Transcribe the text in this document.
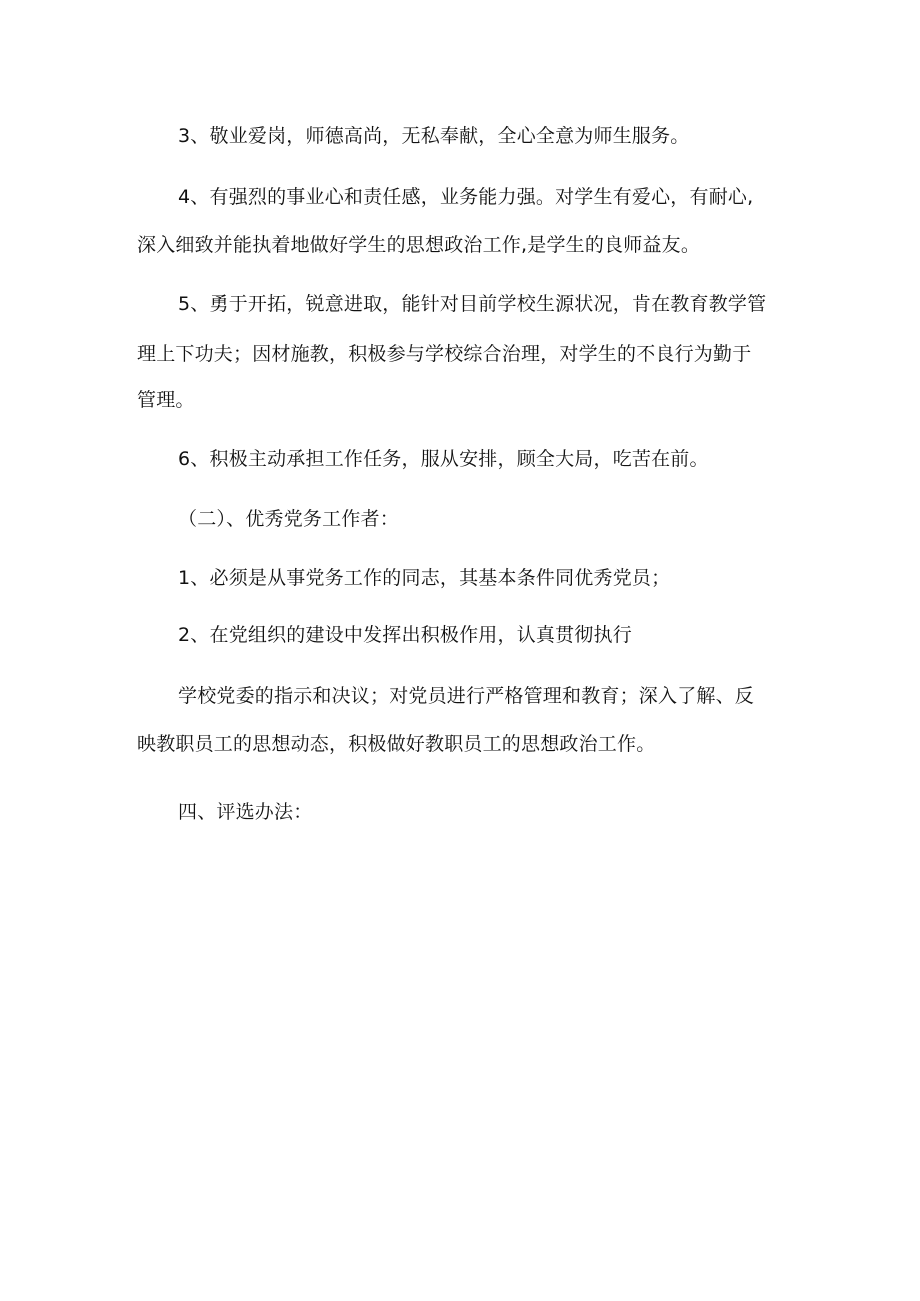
3、敬业爱岗，师德高尚，无私奉献，全心全意为师生服务。
4、有强烈的事业心和责任感，业务能力强。对学生有爱心，有耐心,
深入细致并能执着地做好学生的思想政治工作,是学生的良师益友。
5、勇于开拓，锐意进取，能针对目前学校生源状况，肯在教育教学管
理上下功夫；因材施教，积极参与学校综合治理，对学生的不良行为勤于
管理。
6、积极主动承担工作任务，服从安排，顾全大局，吃苦在前。
（二）、优秀党务工作者：
1、必须是从事党务工作的同志，其基本条件同优秀党员；
2、在党组织的建设中发挥出积极作用，认真贯彻执行
学校党委的指示和决议；对党员进行严格管理和教育；深入了解、反
映教职员工的思想动态，积极做好教职员工的思想政治工作。
四、评选办法：
